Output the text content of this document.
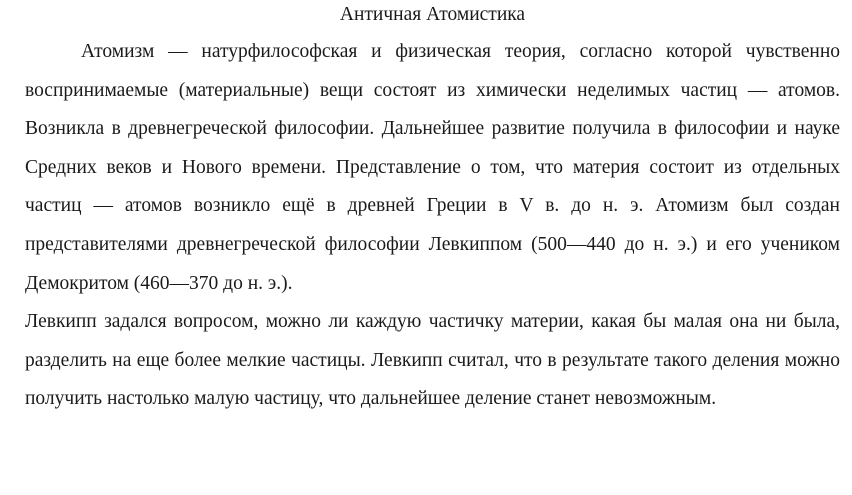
Античная Атомистика

Атомизм — натурфилософская и физическая теория, согласно которой чувственно воспринимаемые (материальные) вещи состоят из химически неделимых частиц — атомов. Возникла в древнегреческой философии. Дальнейшее развитие получила в философии и науке Средних веков и Нового времени. Представление о том, что материя состоит из отдельных частиц — атомов возникло ещё в древней Греции в V в. до н. э. Атомизм был создан представителями древнегреческой философии Левкиппом (500—440 до н. э.) и его учеником Демокритом (460—370 до н. э.).

Левкипп задался вопросом, можно ли каждую частичку материи, какая бы малая она ни была, разделить на еще более мелкие частицы. Левкипп считал, что в результате такого деления можно получить настолько малую частицу, что дальнейшее деление станет невозможным.
